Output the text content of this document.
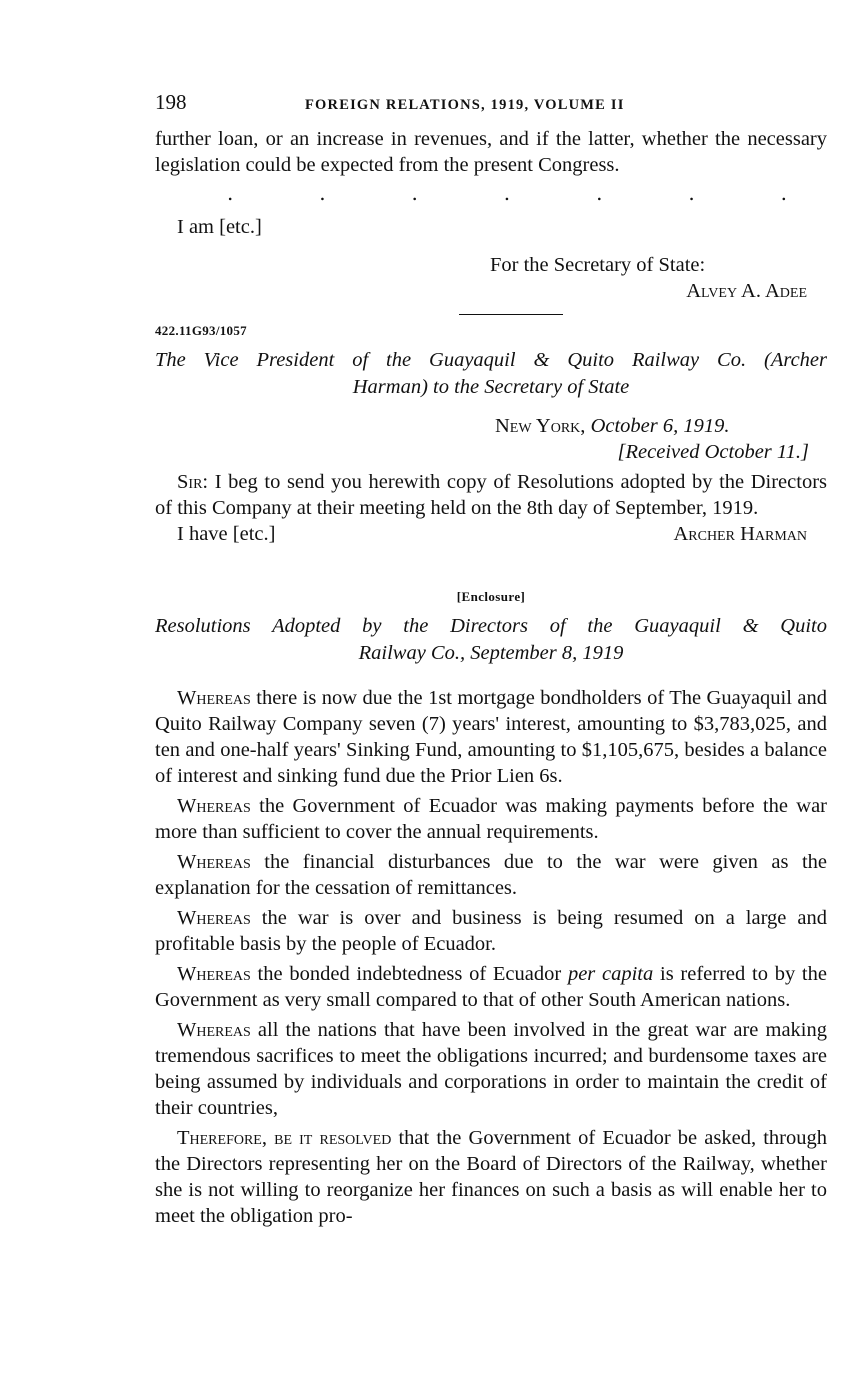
198	FOREIGN RELATIONS, 1919, VOLUME II

further loan, or an increase in revenues, and if the latter, whether the necessary legislation could be expected from the present Congress.

.	.	.	.	.	.	.

I am [etc.]

For the Secretary of State:

Alvey A. Adee

422.11G93/1057
The Vice President of the Guayaquil & Quito Railway Co. (Archer
Harman) to the Secretary of State

New York, October 6, 1919.

[Received October 11.]

Sir: I beg to send you herewith copy of Resolutions adopted by the Directors of this Company at their meeting held on the 8th day of September, 1919.

I have [etc.]	Archer Harman

[Enclosure]
Resolutions Adopted by the Directors of the Guayaquil & Quito
Railway Co., September 8, 1919

Whereas there is now due the 1st mortgage bondholders of The Guayaquil and Quito Railway Company seven (7) years' interest, amounting to $3,783,025, and ten and one-half years' Sinking Fund, amounting to $1,105,675, besides a balance of interest and sinking fund due the Prior Lien 6s.

Whereas the Government of Ecuador was making payments before the war more than sufficient to cover the annual requirements.

Whereas the financial disturbances due to the war were given as the explanation for the cessation of remittances.

Whereas the war is over and business is being resumed on a large and profitable basis by the people of Ecuador.

Whereas the bonded indebtedness of Ecuador per capita is referred to by the Government as very small compared to that of other South American nations.

Whereas all the nations that have been involved in the great war are making tremendous sacrifices to meet the obligations incurred; and burdensome taxes are being assumed by individuals and corporations in order to maintain the credit of their countries,

Therefore, be it resolved that the Government of Ecuador be asked, through the Directors representing her on the Board of Directors of the Railway, whether she is not willing to reorganize her finances on such a basis as will enable her to meet the obligation pro-
